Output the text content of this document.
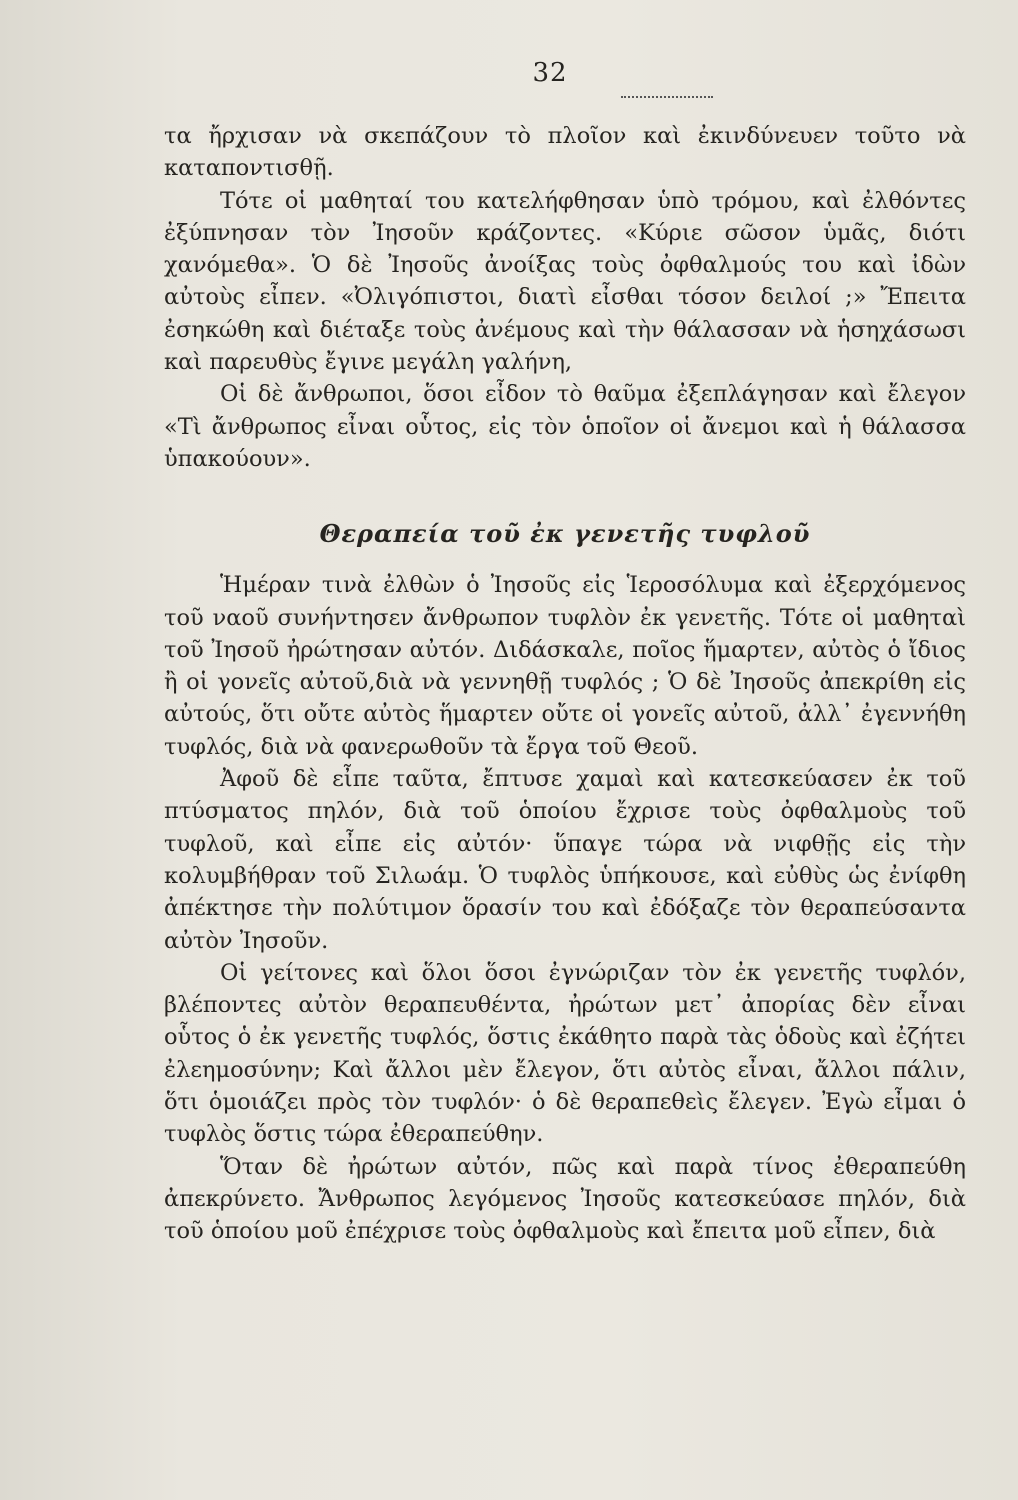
32

τα ἤρχισαν νὰ σκεπάζουν τὸ πλοῖον καὶ ἐκινδύνευεν τοῦτο νὰ καταποντισθῇ.

Τότε οἱ μαθηταί του κατελήφθησαν ὑπὸ τρόμου, καὶ ἐλθόντες ἐξύπνησαν τὸν Ἰησοῦν κράζοντες. «Κύριε σῶσον ὑμᾶς, διότι χανόμεθα». Ὁ δὲ Ἰησοῦς ἀνοίξας τοὺς ὀφθαλμούς του καὶ ἰδὼν αὐτοὺς εἶπεν. «Ὀλιγόπιστοι, διατὶ εἶσθαι τόσον δειλοί ;» Ἔπειτα ἐσηκώθη καὶ διέταξε τοὺς ἀνέμους καὶ τὴν θάλασσαν νὰ ἡσηχάσωσι καὶ παρευθὺς ἔγινε μεγάλη γαλήνη,

Οἱ δὲ ἄνθρωποι, ὅσοι εἶδον τὸ θαῦμα ἐξεπλάγησαν καὶ ἔλεγον «Τὶ ἄνθρωπος εἶναι οὗτος, εἰς τὸν ὁποῖον οἱ ἄνεμοι καὶ ἡ θάλασσα ὑπακούουν».

Θεραπεία τοῦ ἐκ γενετῆς τυφλοῦ

Ἡμέραν τινὰ ἐλθὼν ὁ Ἰησοῦς εἰς Ἱεροσόλυμα καὶ ἐξερχόμενος τοῦ ναοῦ συνήντησεν ἄνθρωπον τυφλὸν ἐκ γενετῆς. Τότε οἱ μαθηταὶ τοῦ Ἰησοῦ ἠρώτησαν αὐτόν. Διδάσκαλε, ποῖος ἥμαρτεν, αὐτὸς ὁ ἴδιος ἢ οἱ γονεῖς αὐτοῦ,διὰ νὰ γεννηθῇ τυφλός ; Ὁ δὲ Ἰησοῦς ἀπεκρίθη εἰς αὐτούς, ὅτι οὔτε αὐτὸς ἥμαρτεν οὔτε οἱ γονεῖς αὐτοῦ, ἀλλ᾿ ἐγεννήθη τυφλός, διὰ νὰ φανερωθοῦν τὰ ἔργα τοῦ Θεοῦ.

Ἀφοῦ δὲ εἶπε ταῦτα, ἔπτυσε χαμαὶ καὶ κατεσκεύασεν ἐκ τοῦ πτύσματος πηλόν, διὰ τοῦ ὁποίου ἔχρισε τοὺς ὀφθαλμοὺς τοῦ τυφλοῦ, καὶ εἶπε εἰς αὐτόν· ὕπαγε τώρα νὰ νιφθῇς εἰς τὴν κολυμβήθραν τοῦ Σιλωάμ. Ὁ τυφλὸς ὑπήκουσε, καὶ εὐθὺς ὡς ἐνίφθη ἀπέκτησε τὴν πολύτιμον ὅρασίν του καὶ ἐδόξαζε τὸν θεραπεύσαντα αὐτὸν Ἰησοῦν.

Οἱ γείτονες καὶ ὅλοι ὅσοι ἐγνώριζαν τὸν ἐκ γενετῆς τυφλόν, βλέποντες αὐτὸν θεραπευθέντα, ἠρώτων μετ᾿ ἀπορίας δὲν εἶναι οὗτος ὁ ἐκ γενετῆς τυφλός, ὅστις ἐκάθητο παρὰ τὰς ὁδοὺς καὶ ἐζήτει ἐλεημοσύνην; Καὶ ἄλλοι μὲν ἔλεγον, ὅτι αὐτὸς εἶναι, ἄλλοι πάλιν, ὅτι ὁμοιάζει πρὸς τὸν τυφλόν· ὁ δὲ θεραπεθεὶς ἔλεγεν. Ἐγὼ εἶμαι ὁ τυφλὸς ὅστις τώρα ἐθεραπεύθην.

Ὅταν δὲ ἠρώτων αὐτόν, πῶς καὶ παρὰ τίνος ἐθεραπεύθη ἀπεκρύνετο. Ἄνθρωπος λεγόμενος Ἰησοῦς κατεσκεύασε πηλόν, διὰ τοῦ ὁποίου μοῦ ἐπέχρισε τοὺς ὀφθαλμοὺς καὶ ἔπειτα μοῦ εἶπεν, διὰ
